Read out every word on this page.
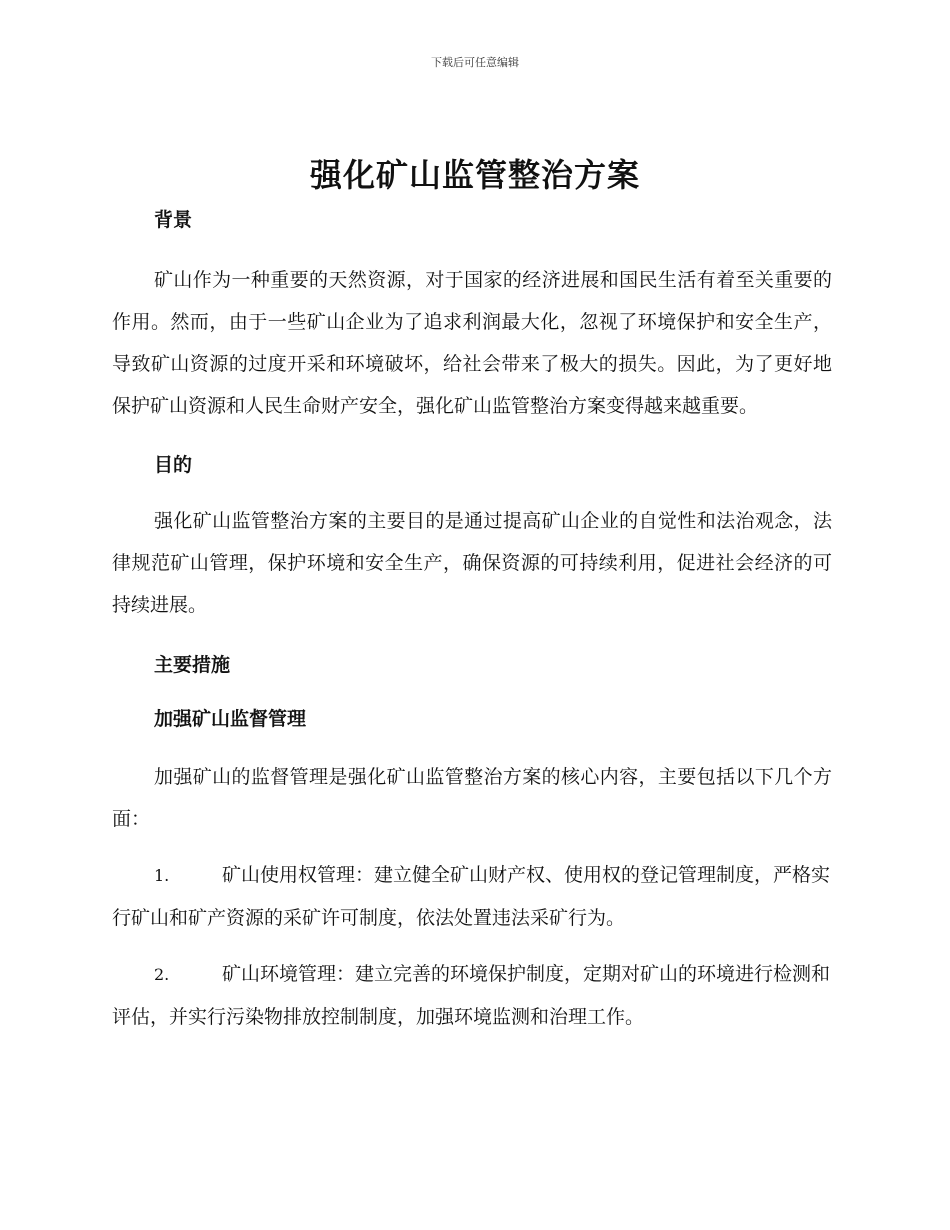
下载后可任意编辑
强化矿山监管整治方案
背景

矿山作为一种重要的天然资源，对于国家的经济进展和国民生活有着至关重要的作用。然而，由于一些矿山企业为了追求利润最大化，忽视了环境保护和安全生产，导致矿山资源的过度开采和环境破坏，给社会带来了极大的损失。因此，为了更好地保护矿山资源和人民生命财产安全，强化矿山监管整治方案变得越来越重要。

目的

强化矿山监管整治方案的主要目的是通过提高矿山企业的自觉性和法治观念，法律规范矿山管理，保护环境和安全生产，确保资源的可持续利用，促进社会经济的可持续进展。

主要措施
加强矿山监督管理

加强矿山的监督管理是强化矿山监管整治方案的核心内容，主要包括以下几个方面：

1.	矿山使用权管理：建立健全矿山财产权、使用权的登记管理制度，严格实行矿山和矿产资源的采矿许可制度，依法处置违法采矿行为。

2.	矿山环境管理：建立完善的环境保护制度，定期对矿山的环境进行检测和评估，并实行污染物排放控制制度，加强环境监测和治理工作。
